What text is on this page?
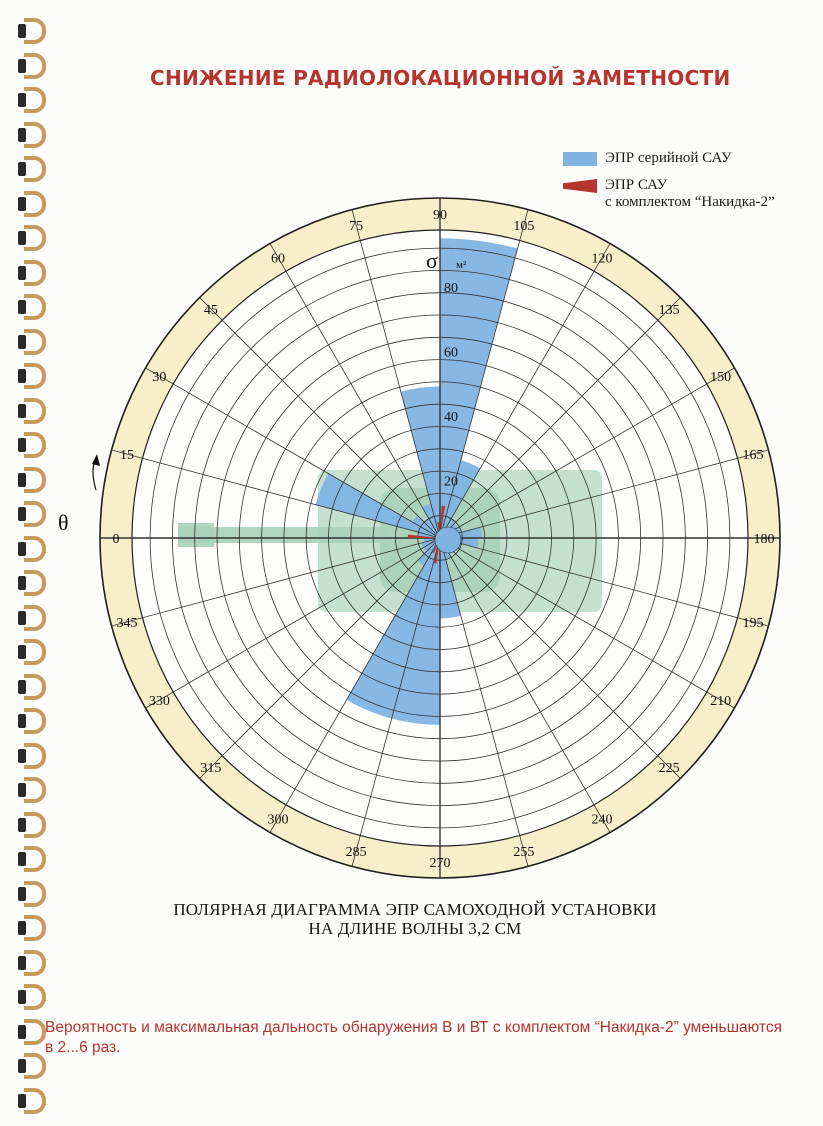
СНИЖЕНИЕ РАДИОЛОКАЦИОННОЙ ЗАМЕТНОСТИ
ЭПР серийной САУ
ЭПР САУ
с комплектом “Накидка-2”
0
15
30
45
60
75
90
105
120
135
150
165
180
195
210
225
240
255
270
285
300
315
330
345
20
40
60
80
σ м²
θ
ПОЛЯРНАЯ ДИАГРАММА ЭПР САМОХОДНОЙ УСТАНОВКИ
НА ДЛИНЕ ВОЛНЫ 3,2 СМ
Вероятность и максимальная дальность обнаружения В и ВТ с комплектом “Накидка-2” уменьшаются в 2...6 раз.
